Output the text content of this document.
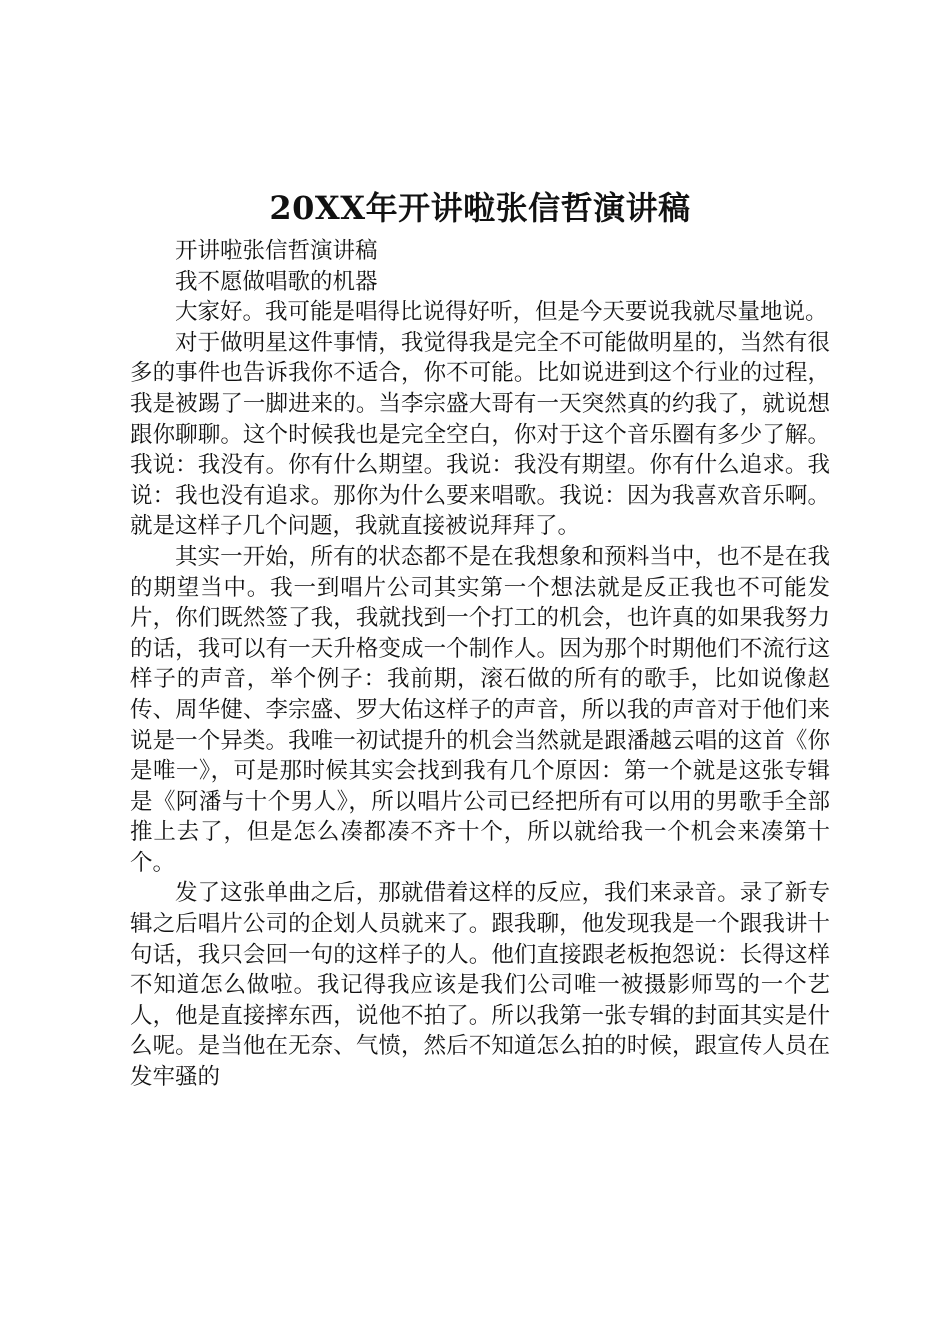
20XX年开讲啦张信哲演讲稿

开讲啦张信哲演讲稿

我不愿做唱歌的机器

大家好。我可能是唱得比说得好听，但是今天要说我就尽量地说。

对于做明星这件事情，我觉得我是完全不可能做明星的，当然有很多的事件也告诉我你不适合，你不可能。比如说进到这个行业的过程，我是被踢了一脚进来的。当李宗盛大哥有一天突然真的约我了，就说想跟你聊聊。这个时候我也是完全空白，你对于这个音乐圈有多少了解。我说：我没有。你有什么期望。我说：我没有期望。你有什么追求。我说：我也没有追求。那你为什么要来唱歌。我说：因为我喜欢音乐啊。就是这样子几个问题，我就直接被说拜拜了。

其实一开始，所有的状态都不是在我想象和预料当中，也不是在我的期望当中。我一到唱片公司其实第一个想法就是反正我也不可能发片，你们既然签了我，我就找到一个打工的机会，也许真的如果我努力的话，我可以有一天升格变成一个制作人。因为那个时期他们不流行这样子的声音，举个例子：我前期，滚石做的所有的歌手，比如说像赵传、周华健、李宗盛、罗大佑这样子的声音，所以我的声音对于他们来说是一个异类。我唯一初试提升的机会当然就是跟潘越云唱的这首《你是唯一》，可是那时候其实会找到我有几个原因：第一个就是这张专辑是《阿潘与十个男人》，所以唱片公司已经把所有可以用的男歌手全部推上去了，但是怎么凑都凑不齐十个，所以就给我一个机会来凑第十个。

发了这张单曲之后，那就借着这样的反应，我们来录音。录了新专辑之后唱片公司的企划人员就来了。跟我聊，他发现我是一个跟我讲十句话，我只会回一句的这样子的人。他们直接跟老板抱怨说：长得这样不知道怎么做啦。我记得我应该是我们公司唯一被摄影师骂的一个艺人，他是直接摔东西，说他不拍了。所以我第一张专辑的封面其实是什么呢。是当他在无奈、气愤，然后不知道怎么拍的时候，跟宣传人员在发牢骚的
